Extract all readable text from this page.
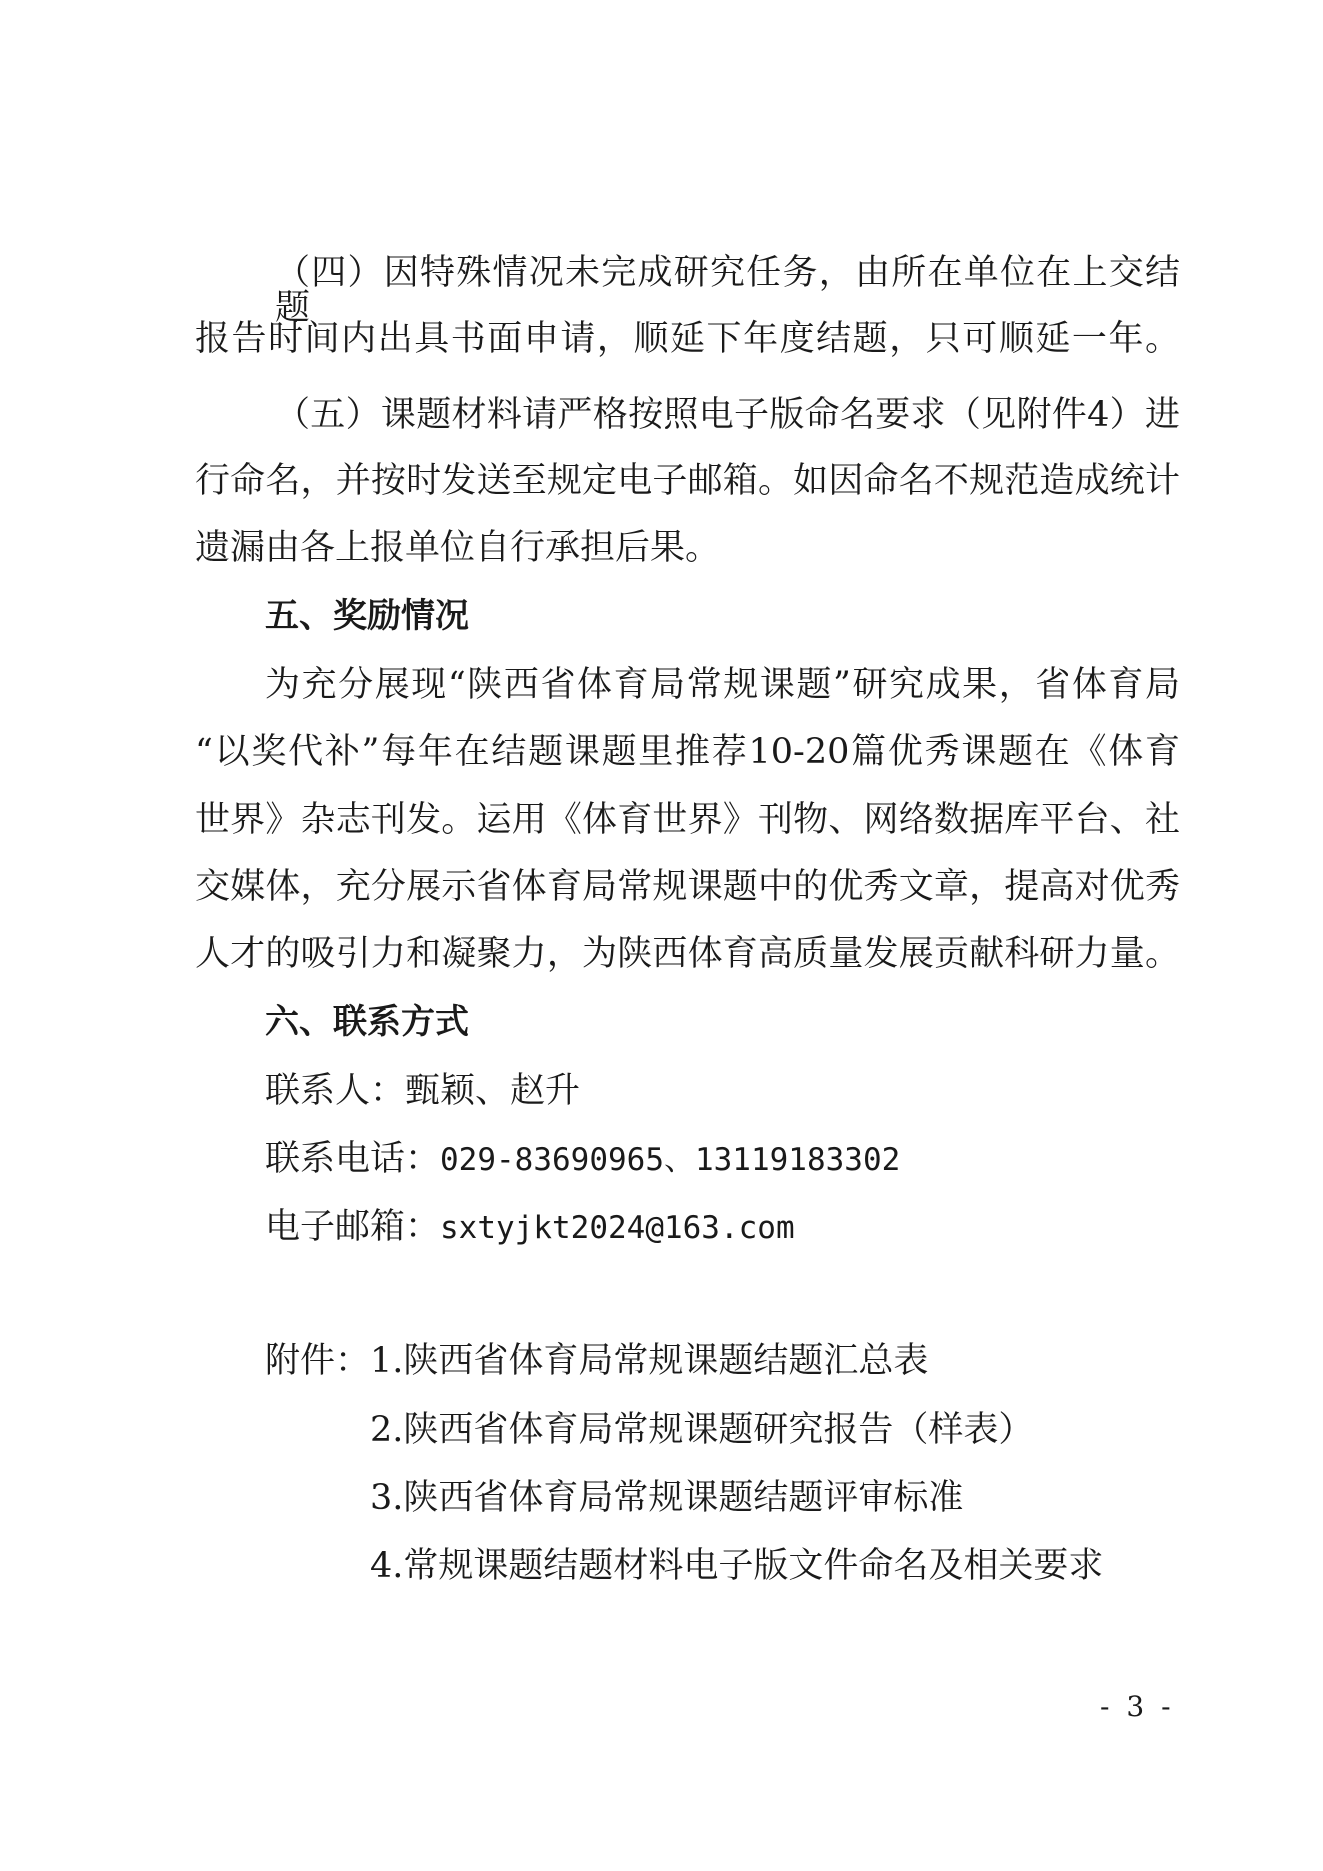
（四）因特殊情况未完成研究任务，由所在单位在上交结题
报告时间内出具书面申请，顺延下年度结题，只可顺延一年。
（五）课题材料请严格按照电子版命名要求（见附件4）进
行命名，并按时发送至规定电子邮箱。如因命名不规范造成统计
遗漏由各上报单位自行承担后果。
五、奖励情况
为充分展现“陕西省体育局常规课题”研究成果，省体育局
“以奖代补”每年在结题课题里推荐10-20篇优秀课题在《体育
世界》杂志刊发。运用《体育世界》刊物、网络数据库平台、社
交媒体，充分展示省体育局常规课题中的优秀文章，提高对优秀
人才的吸引力和凝聚力，为陕西体育高质量发展贡献科研力量。
六、联系方式
联系人：甄颖、赵升
联系电话：029-83690965、13119183302
电子邮箱：sxtyjkt2024@163.com
附件： 1.陕西省体育局常规课题结题汇总表
2.陕西省体育局常规课题研究报告（样表）
3.陕西省体育局常规课题结题评审标准
4.常规课题结题材料电子版文件命名及相关要求
- 3 -
